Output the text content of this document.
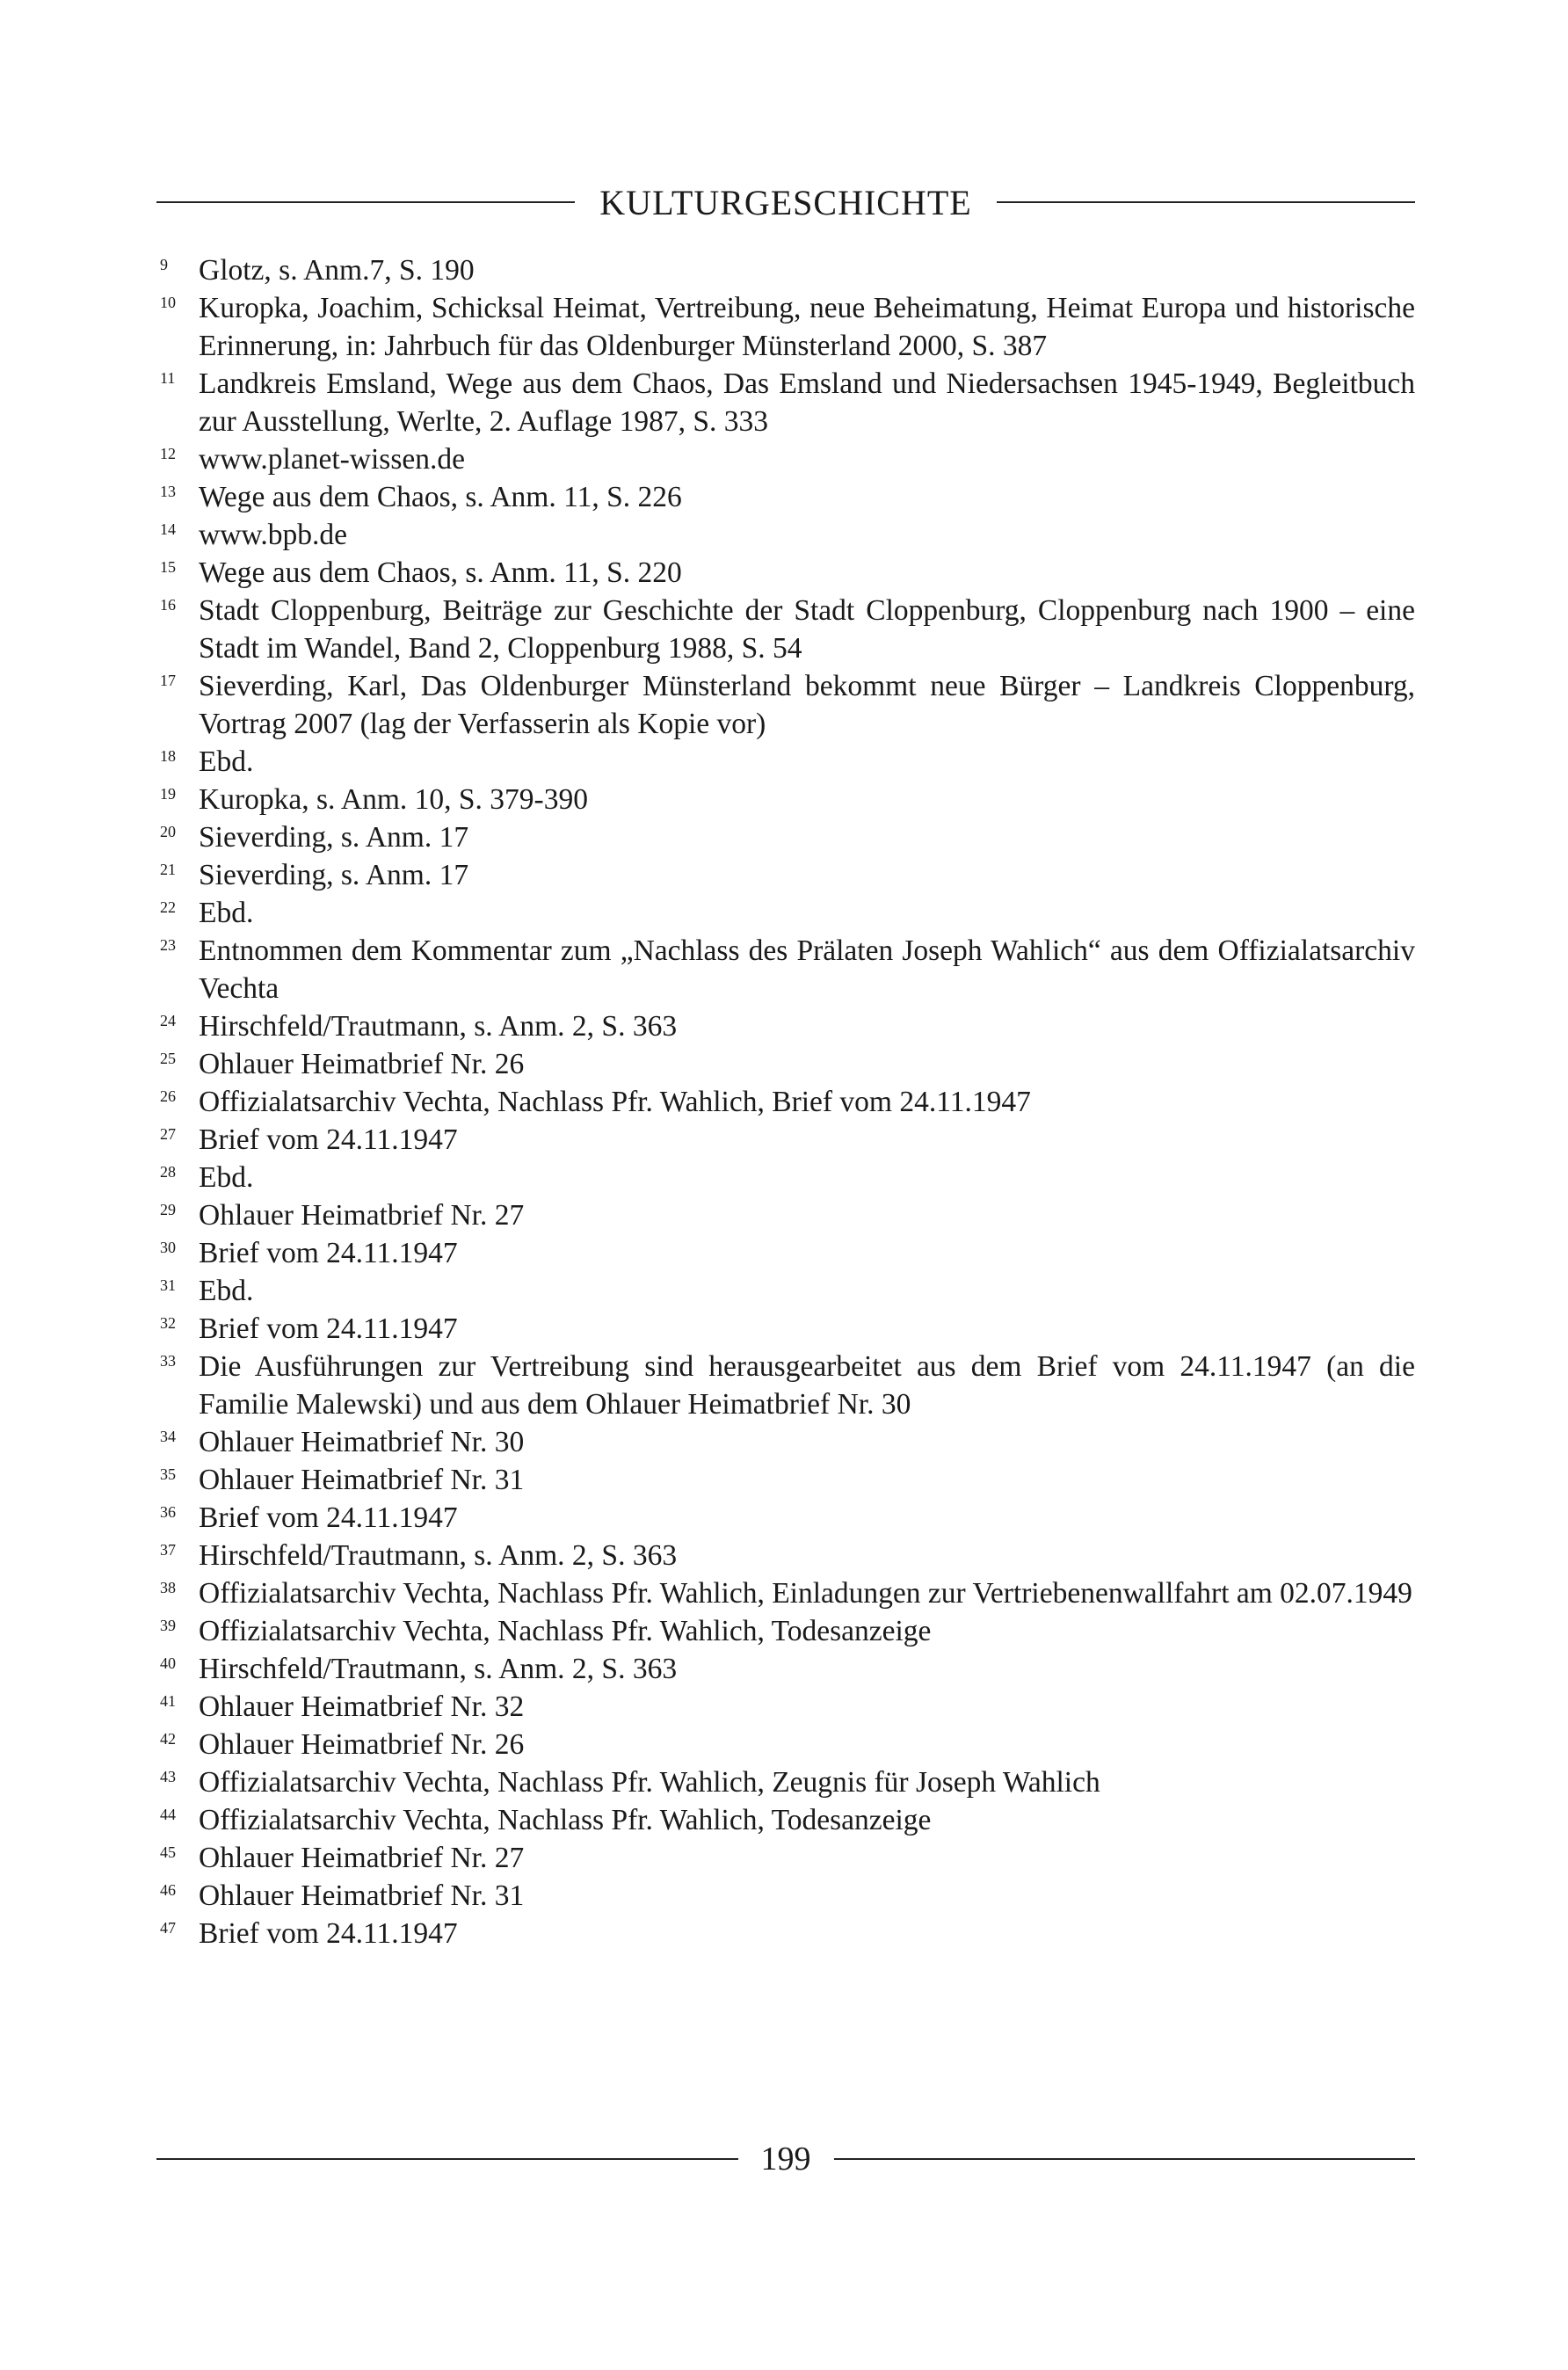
KULTURGESCHICHTE
9	Glotz, s. Anm.7, S. 190
10 Kuropka, Joachim, Schicksal Heimat, Vertreibung, neue Beheimatung, Heimat Europa und historische Erinnerung, in: Jahrbuch für das Oldenburger Münsterland 2000, S. 387
11 Landkreis Emsland, Wege aus dem Chaos, Das Emsland und Niedersachsen 1945-1949, Begleitbuch zur Ausstellung, Werlte, 2. Auflage 1987, S. 333
12 www.planet-wissen.de
13 Wege aus dem Chaos, s. Anm. 11, S. 226
14 www.bpb.de
15 Wege aus dem Chaos, s. Anm. 11, S. 220
16 Stadt Cloppenburg, Beiträge zur Geschichte der Stadt Cloppenburg, Cloppenburg nach 1900 – eine Stadt im Wandel, Band 2, Cloppenburg 1988, S. 54
17 Sieverding, Karl, Das Oldenburger Münsterland bekommt neue Bürger – Landkreis Cloppenburg, Vortrag 2007 (lag der Verfasserin als Kopie vor)
18 Ebd.
19 Kuropka, s. Anm. 10, S. 379-390
20 Sieverding, s. Anm. 17
21 Sieverding, s. Anm. 17
22 Ebd.
23 Entnommen dem Kommentar zum „Nachlass des Prälaten Joseph Wahlich“ aus dem Offizialatsarchiv Vechta
24 Hirschfeld/Trautmann, s. Anm. 2, S. 363
25 Ohlauer Heimatbrief Nr. 26
26 Offizialatsarchiv Vechta, Nachlass Pfr. Wahlich, Brief vom 24.11.1947
27 Brief vom 24.11.1947
28 Ebd.
29 Ohlauer Heimatbrief Nr. 27
30 Brief vom 24.11.1947
31 Ebd.
32 Brief vom 24.11.1947
33 Die Ausführungen zur Vertreibung sind herausgearbeitet aus dem Brief vom 24.11.1947 (an die Familie Malewski) und aus dem Ohlauer Heimatbrief Nr. 30
34 Ohlauer Heimatbrief Nr. 30
35 Ohlauer Heimatbrief Nr. 31
36 Brief vom 24.11.1947
37 Hirschfeld/Trautmann, s. Anm. 2, S. 363
38 Offizialatsarchiv Vechta, Nachlass Pfr. Wahlich, Einladungen zur Vertriebenenwallfahrt am 02.07.1949
39 Offizialatsarchiv Vechta, Nachlass Pfr. Wahlich, Todesanzeige
40 Hirschfeld/Trautmann, s. Anm. 2, S. 363
41 Ohlauer Heimatbrief Nr. 32
42 Ohlauer Heimatbrief Nr. 26
43 Offizialatsarchiv Vechta, Nachlass Pfr. Wahlich, Zeugnis für Joseph Wahlich
44 Offizialatsarchiv Vechta, Nachlass Pfr. Wahlich, Todesanzeige
45 Ohlauer Heimatbrief Nr. 27
46 Ohlauer Heimatbrief Nr. 31
47 Brief vom 24.11.1947
199
